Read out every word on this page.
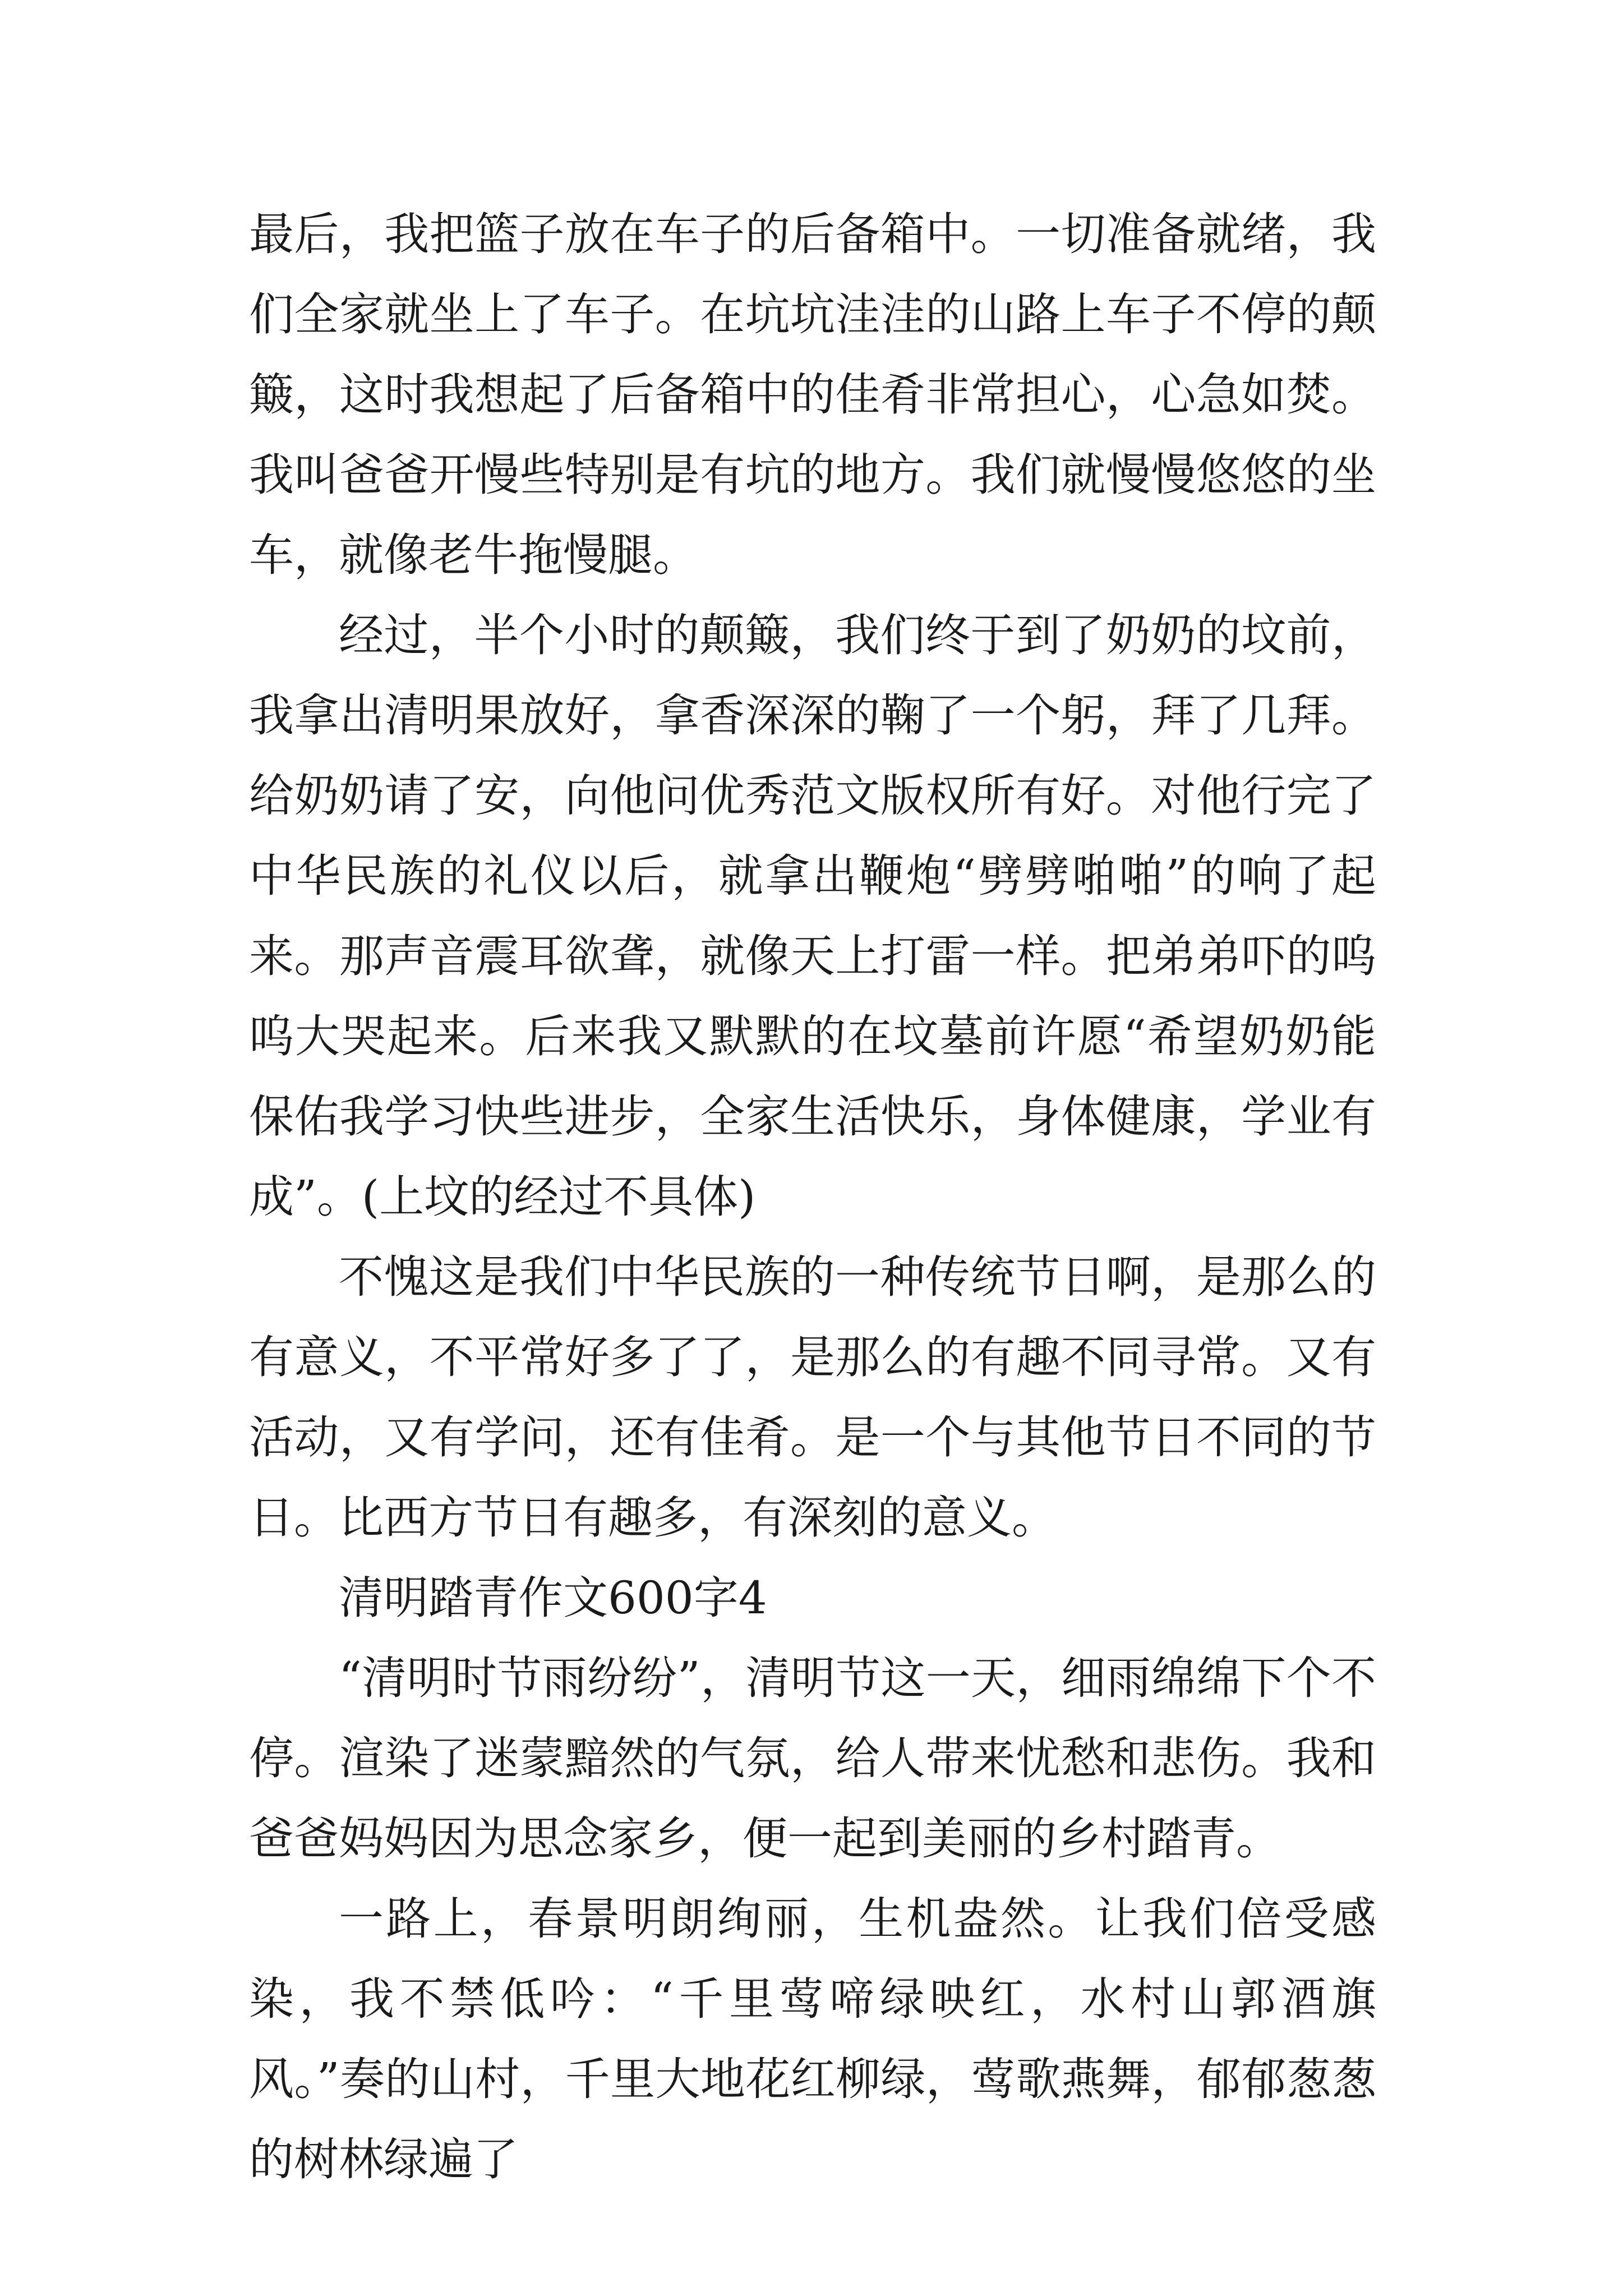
最后，我把篮子放在车子的后备箱中。一切准备就绪，我们全家就坐上了车子。在坑坑洼洼的山路上车子不停的颠簸，这时我想起了后备箱中的佳肴非常担心，心急如焚。我叫爸爸开慢些特别是有坑的地方。我们就慢慢悠悠的坐车，就像老牛拖慢腿。

经过，半个小时的颠簸，我们终于到了奶奶的坟前，我拿出清明果放好，拿香深深的鞠了一个躬，拜了几拜。给奶奶请了安，向他问优秀范文版权所有好。对他行完了中华民族的礼仪以后，就拿出鞭炮“劈劈啪啪”的响了起来。那声音震耳欲聋，就像天上打雷一样。把弟弟吓的呜呜大哭起来。后来我又默默的在坟墓前许愿“希望奶奶能保佑我学习快些进步，全家生活快乐，身体健康，学业有成”。(上坟的经过不具体)

不愧这是我们中华民族的一种传统节日啊，是那么的有意义，不平常好多了了，是那么的有趣不同寻常。又有活动，又有学问，还有佳肴。是一个与其他节日不同的节日。比西方节日有趣多，有深刻的意义。

清明踏青作文600字4

“清明时节雨纷纷”，清明节这一天，细雨绵绵下个不停。渲染了迷蒙黯然的气氛，给人带来忧愁和悲伤。我和爸爸妈妈因为思念家乡，便一起到美丽的乡村踏青。

一路上，春景明朗绚丽，生机盎然。让我们倍受感染，我不禁低吟：“千里莺啼绿映红，水村山郭酒旗风。”奏的山村，千里大地花红柳绿，莺歌燕舞，郁郁葱葱的树林绿遍了
